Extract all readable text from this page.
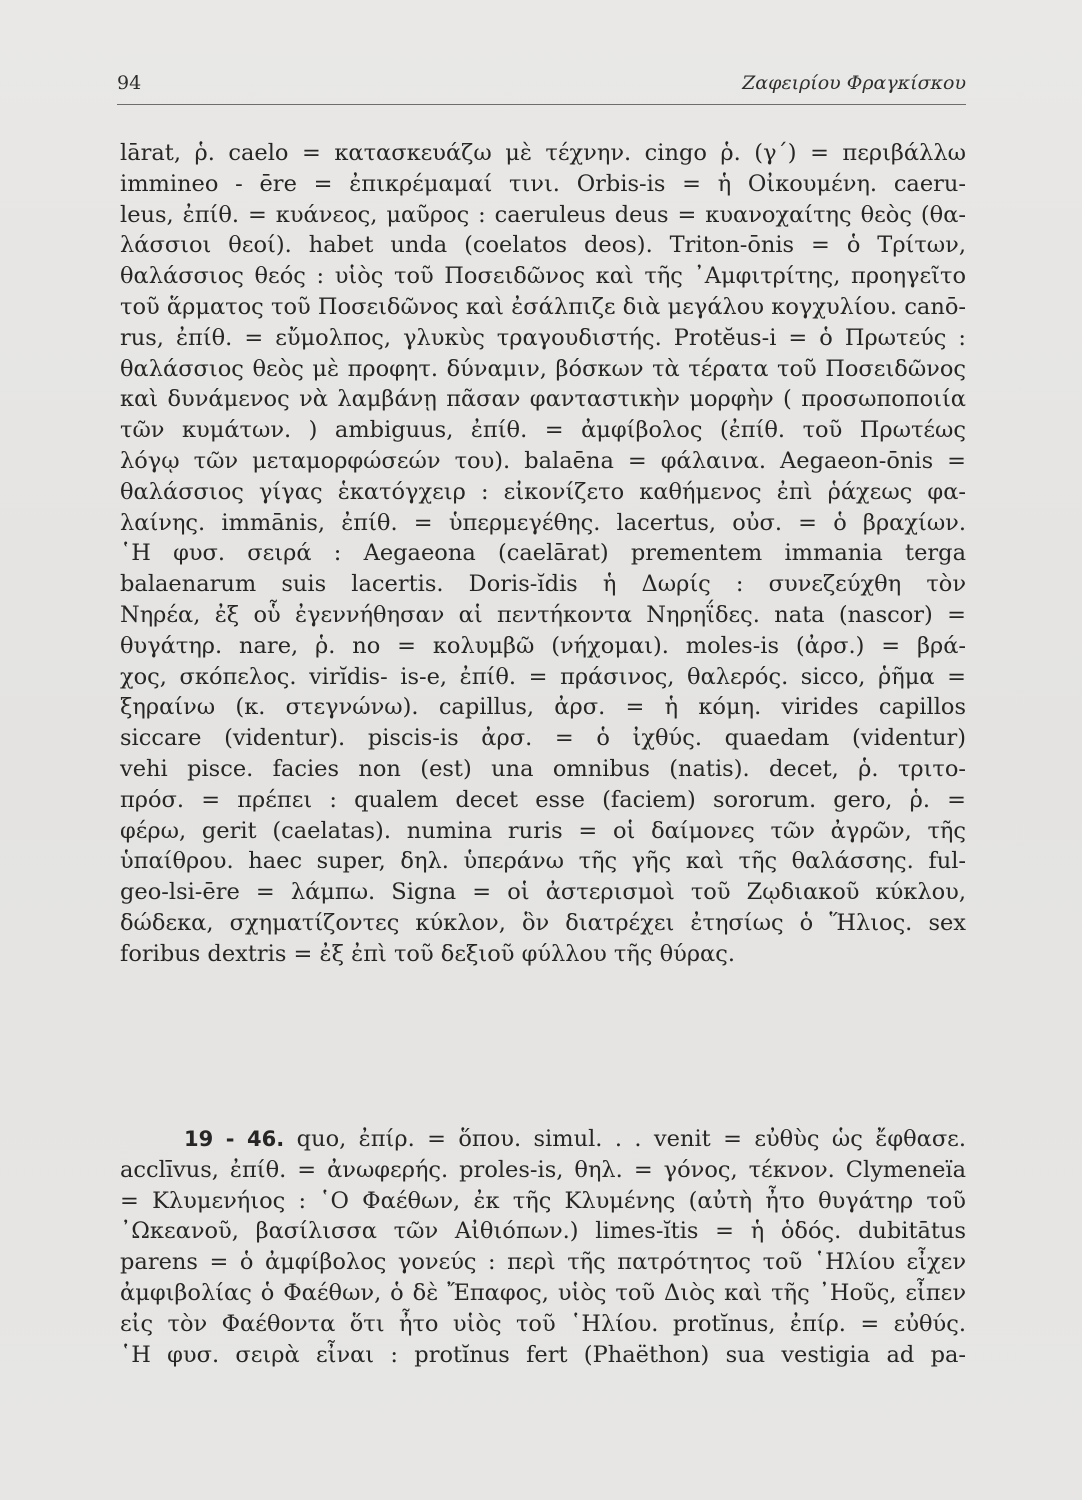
94	Ζαφειρίου Φραγκίσκου
lārat, ῥ. caelo = κατασκευάζω μὲ τέχνην. cingo ῥ. (γ΄) = περιβάλλω
immineo - ēre = ἐπικρέμαμαί τινι. Orbis-is = ἡ Οἰκουμένη. caeru-
leus, ἐπίθ. = κυάνεος, μαῦρος : caeruleus deus = κυανοχαίτης θεὸς (θα-
λάσσιοι θεοί). habet unda (coelatos deos). Triton-ōnis = ὁ Τρίτων,
θαλάσσιος θεός : υἱὸς τοῦ Ποσειδῶνος καὶ τῆς ᾿Αμφιτρίτης, προηγεῖτο
τοῦ ἅρματος τοῦ Ποσειδῶνος καὶ ἐσάλπιζε διὰ μεγάλου κογχυλίου. canō-
rus, ἐπίθ. = εὔμολπος, γλυκὺς τραγουδιστής. Protĕus-i = ὁ Πρωτεύς :
θαλάσσιος θεὸς μὲ προφητ. δύναμιν, βόσκων τὰ τέρατα τοῦ Ποσειδῶνος
καὶ δυνάμενος νὰ λαμβάνῃ πᾶσαν φανταστικὴν μορφὴν ( προσωποποιία
τῶν κυμάτων. ) ambiguus, ἐπίθ. = ἀμφίβολος (ἐπίθ. τοῦ Πρωτέως
λόγῳ τῶν μεταμορφώσεών του). balaēna = φάλαινα. Aegaeon-ōnis =
θαλάσσιος γίγας ἑκατόγχειρ : εἰκονίζετο καθήμενος ἐπὶ ῥάχεως φα-
λαίνης. immānis, ἐπίθ. = ὑπερμεγέθης. lacertus, οὐσ. = ὁ βραχίων.
῾Η φυσ. σειρά : Aegaeona (caelārat) prementem immania terga
balaenarum suis lacertis. Doris-ĭdis ἡ Δωρίς : συνεζεύχθη τὸν
Νηρέα, ἐξ οὗ ἐγεννήθησαν αἱ πεντήκοντα Νηρηΐδες. nata (nascor) =
θυγάτηρ. nare, ῥ. no = κολυμβῶ (νήχομαι). moles-is (ἀρσ.) = βρά-
χος, σκόπελος. virĭdis- is-e, ἐπίθ. = πράσινος, θαλερός. sicco, ῥῆμα =
ξηραίνω (κ. στεγνώνω). capillus, ἀρσ. = ἡ κόμη. virides capillos
siccare (videntur). piscis-is ἀρσ. = ὁ ἰχθύς. quaedam (videntur)
vehi pisce. facies non (est) una omnibus (natis). decet, ῥ. τριτο-
πρόσ. = πρέπει : qualem decet esse (faciem) sororum. gero, ῥ. =
φέρω, gerit (caelatas). numina ruris = οἱ δαίμονες τῶν ἀγρῶν, τῆς
ὑπαίθρου. haec super, δηλ. ὑπεράνω τῆς γῆς καὶ τῆς θαλάσσης. ful-
geo-lsi-ēre = λάμπω. Signa = οἱ ἀστερισμοὶ τοῦ Ζῳδιακοῦ κύκλου,
δώδεκα, σχηματίζοντες κύκλον, ὃν διατρέχει ἐτησίως ὁ Ἥλιος. sex
foribus dextris = ἐξ ἐπὶ τοῦ δεξιοῦ φύλλου τῆς θύρας.
19 - 46. quo, ἐπίρ. = ὅπου. simul. . . venit = εὐθὺς ὡς ἔφθασε.
acclīvus, ἐπίθ. = ἀνωφερής. proles-is, θηλ. = γόνος, τέκνον. Clymeneïa
= Κλυμενήιος : ῾Ο Φαέθων, ἐκ τῆς Κλυμένης (αὐτὴ ἦτο θυγάτηρ τοῦ
᾿Ωκεανοῦ, βασίλισσα τῶν Αἰθιόπων.) limes-ĭtis = ἡ ὁδός. dubitātus
parens = ὁ ἀμφίβολος γονεύς : περὶ τῆς πατρότητος τοῦ ῾Ηλίου εἶχεν
ἀμφιβολίας ὁ Φαέθων, ὁ δὲ Ἔπαφος, υἱὸς τοῦ Διὸς καὶ τῆς ᾿Ηοῦς, εἶπεν
εἰς τὸν Φαέθοντα ὅτι ἦτο υἱὸς τοῦ ῾Ηλίου. protĭnus, ἐπίρ. = εὐθύς.
῾Η φυσ. σειρὰ εἶναι : protĭnus fert (Phaëthon) sua vestigia ad pa-
